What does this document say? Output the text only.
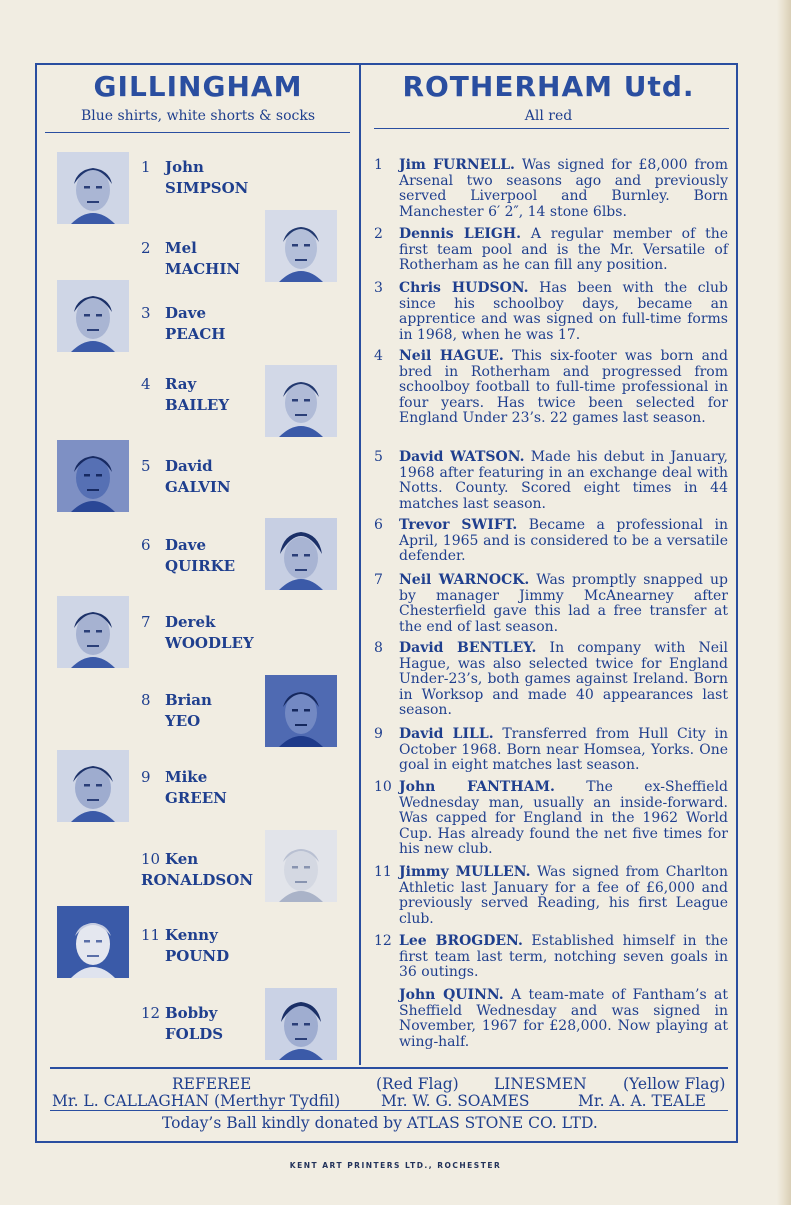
GILLINGHAM
Blue shirts, white shorts & socks
ROTHERHAM Utd.
All red
1 John
SIMPSON
2 Mel
MACHIN
3 Dave
PEACH
4 Ray
BAILEY
5 David
GALVIN
6 Dave
QUIRKE
7 Derek
WOODLEY
8 Brian
YEO
9 Mike
GREEN
10 Ken
RONALDSON
11 Kenny
POUND
12 Bobby
FOLDS
1 Jim FURNELL. Was signed for £8,000 from Arsenal two seasons ago and previously served Liverpool and Burnley. Born Manchester 6′ 2″, 14 stone 6lbs.
2 Dennis LEIGH. A regular member of the first team pool and is the Mr. Versatile of Rotherham as he can fill any position.
3 Chris HUDSON. Has been with the club since his schoolboy days, became an apprentice and was signed on full-time forms in 1968, when he was 17.
4 Neil HAGUE. This six-footer was born and bred in Rotherham and progressed from schoolboy football to full-time professional in four years. Has twice been selected for England Under 23’s. 22 games last season.
5 David WATSON. Made his debut in January, 1968 after featuring in an exchange deal with Notts. County. Scored eight times in 44 matches last season.
6 Trevor SWIFT. Became a professional in April, 1965 and is considered to be a versatile defender.
7 Neil WARNOCK. Was promptly snapped up by manager Jimmy McAnearney after Chesterfield gave this lad a free transfer at the end of last season.
8 David BENTLEY. In company with Neil Hague, was also selected twice for England Under-23’s, both games against Ireland. Born in Worksop and made 40 appearances last season.
9 David LILL. Transferred from Hull City in October 1968. Born near Homsea, Yorks. One goal in eight matches last season.
10 John FANTHAM. The ex-Sheffield Wednesday man, usually an inside-forward. Was capped for England in the 1962 World Cup. Has already found the net five times for his new club.
11 Jimmy MULLEN. Was signed from Charlton Athletic last January for a fee of £6,000 and previously served Reading, his first League club.
12 Lee BROGDEN. Established himself in the first team last term, notching seven goals in 36 outings.
John QUINN. A team-mate of Fantham’s at Sheffield Wednesday and was signed in November, 1967 for £28,000. Now playing at wing-half.
REFEREE
Mr. L. CALLAGHAN (Merthyr Tydfil)
(Red Flag) LINESMEN (Yellow Flag)
Mr. W. G. SOAMES	Mr. A. A. TEALE
Today’s Ball kindly donated by ATLAS STONE CO. LTD.
KENT ART PRINTERS LTD., ROCHESTER
